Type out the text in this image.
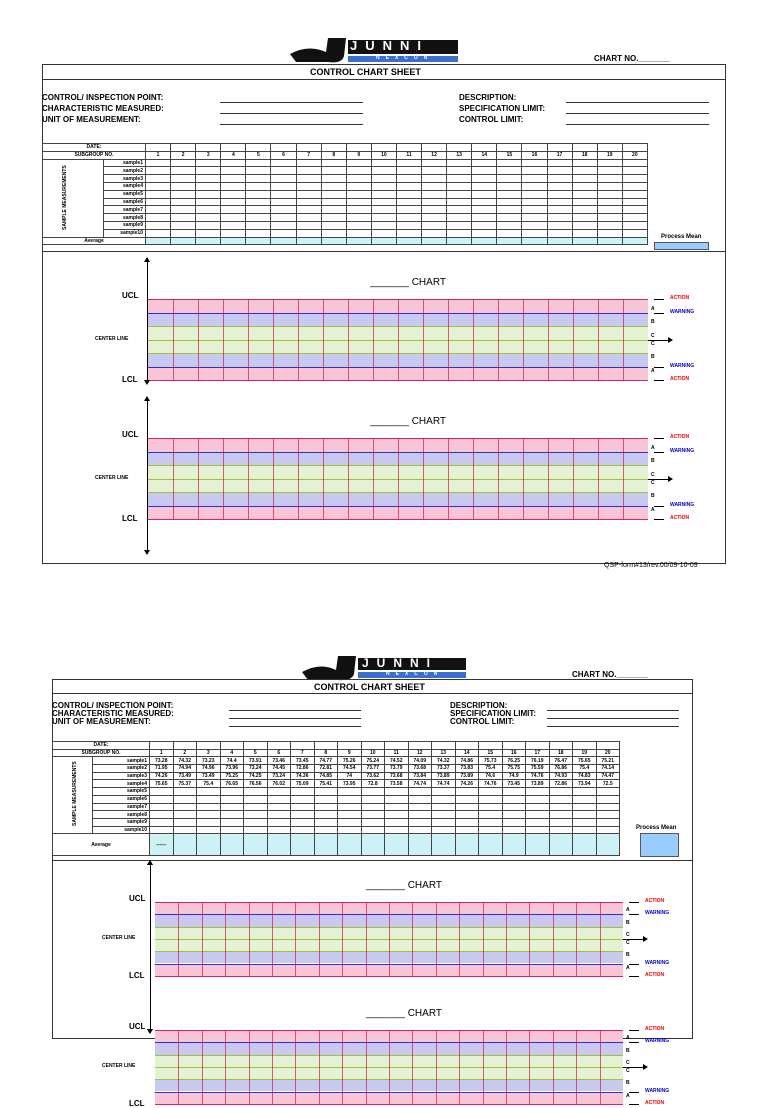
JUNNI
NEXCON	CHART NO._______
CONTROL CHART SHEET
CONTROL/ INSPECTION POINT:
CHARACTERISTIC MEASURED:
UNIT OF MEASUREMENT:
DESCRIPTION:
SPECIFICATION LIMIT:
CONTROL LIMIT:
DATE:																					
SUBGROUP NO.		1	2	3	4	5	6	7	8	9	10	11	12	13	14	15	16	17	18	19	20
	sample1																				
	sample2																				
	sample3																				
	sample4																				
	sample5																				
	sample6																				
	sample7																				
	sample8																				
	sample9																				
	sample10																				
Average																					
SAMPLE MEASUREMENTS
Process Mean
_______ CHART
UCL
CENTER LINE
LCL
A
B
C
C
B
A
ACTION
WARNING
WARNING
ACTION
_______ CHART
UCL
CENTER LINE
LCL
A
B
C
C
B
A
ACTION
WARNING
WARNING
ACTION
QSP-form#13/rev.00/09-10-09
JUNNI
NEXCON	CHART NO._______
CONTROL CHART SHEET
CONTROL/ INSPECTION POINT:
CHARACTERISTIC MEASURED:
UNIT OF MEASUREMENT:
DESCRIPTION:
SPECIFICATION LIMIT:
CONTROL LIMIT:
DATE:																					
SUBGROUP NO.		1	2	3	4	5	6	7	8	9	10	11	12	13	14	15	16	17	18	19	20
	sample1	73.28	74.32	73.23	74.4	73.91	73.46	73.45	74.77	75.26	75.24	74.52	74.09	74.32	74.86	75.73	76.25	76.19	76.47	75.65	75.21
	sample2	71.95	74.94	74.96	73.96	73.24	74.45	72.86	72.81	74.54	73.77	73.79	73.68	73.37	73.83	75.4	75.75	75.59	76.86	75.4	74.14
	sample3	74.26	73.49	73.49	75.25	74.25	73.24	74.36	74.85	74	73.62	73.68	73.84	73.89	73.89	74.6	74.9	74.76	74.93	74.83	74.47
	sample4	75.65	75.37	75.4	76.65	76.56	76.02	75.09	75.41	73.95	72.8	73.58	74.74	74.74	74.26	74.76	73.45	73.89	72.86	73.94	72.5
	sample5																				
	sample6																				
	sample7																				
	sample8																				
	sample9																				
	sample10																				
Average		------																			
SAMPLE MEASUREMENTS
Process Mean
_______ CHART
UCL
CENTER LINE
LCL
A
B
C
C
B
A
ACTION
WARNING
WARNING
ACTION
_______ CHART
UCL
CENTER LINE
LCL
A
B
C
C
B
A
ACTION
WARNING
WARNING
ACTION
